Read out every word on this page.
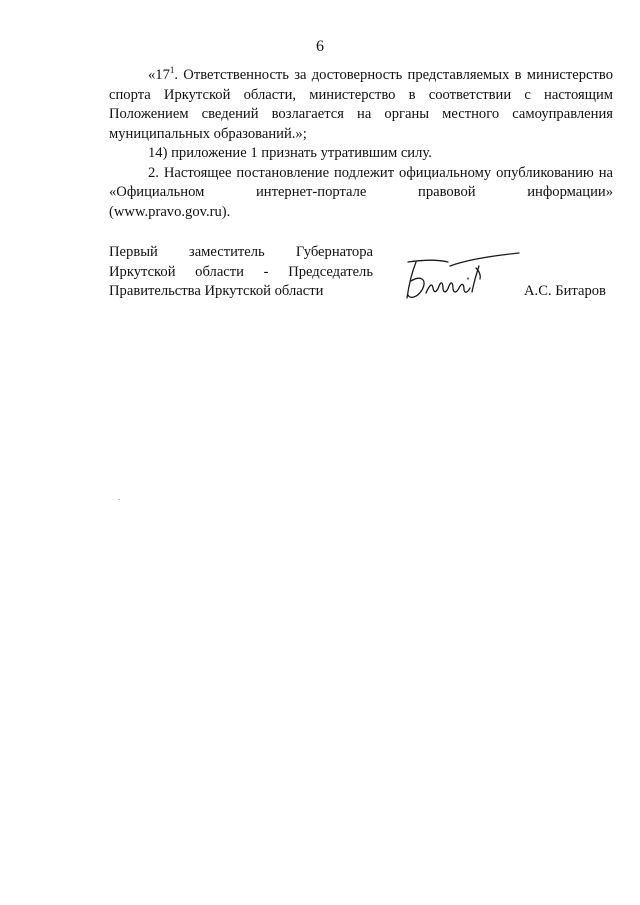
6

«$17^1$. Ответственность за достоверность представляемых в министерство спорта Иркутской области, министерство в соответствии с настоящим Положением сведений возлагается на органы местного самоуправления муниципальных образований.»;

14) приложение 1 признать утратившим силу.

2. Настоящее постановление подлежит официальному опубликованию на «Официальном интернет-портале правовой информации»

(www.pravo.gov.ru).

Первый заместитель Губернатора

Иркутской области - Председатель

Правительства Иркутской области	А.С. Битаров
